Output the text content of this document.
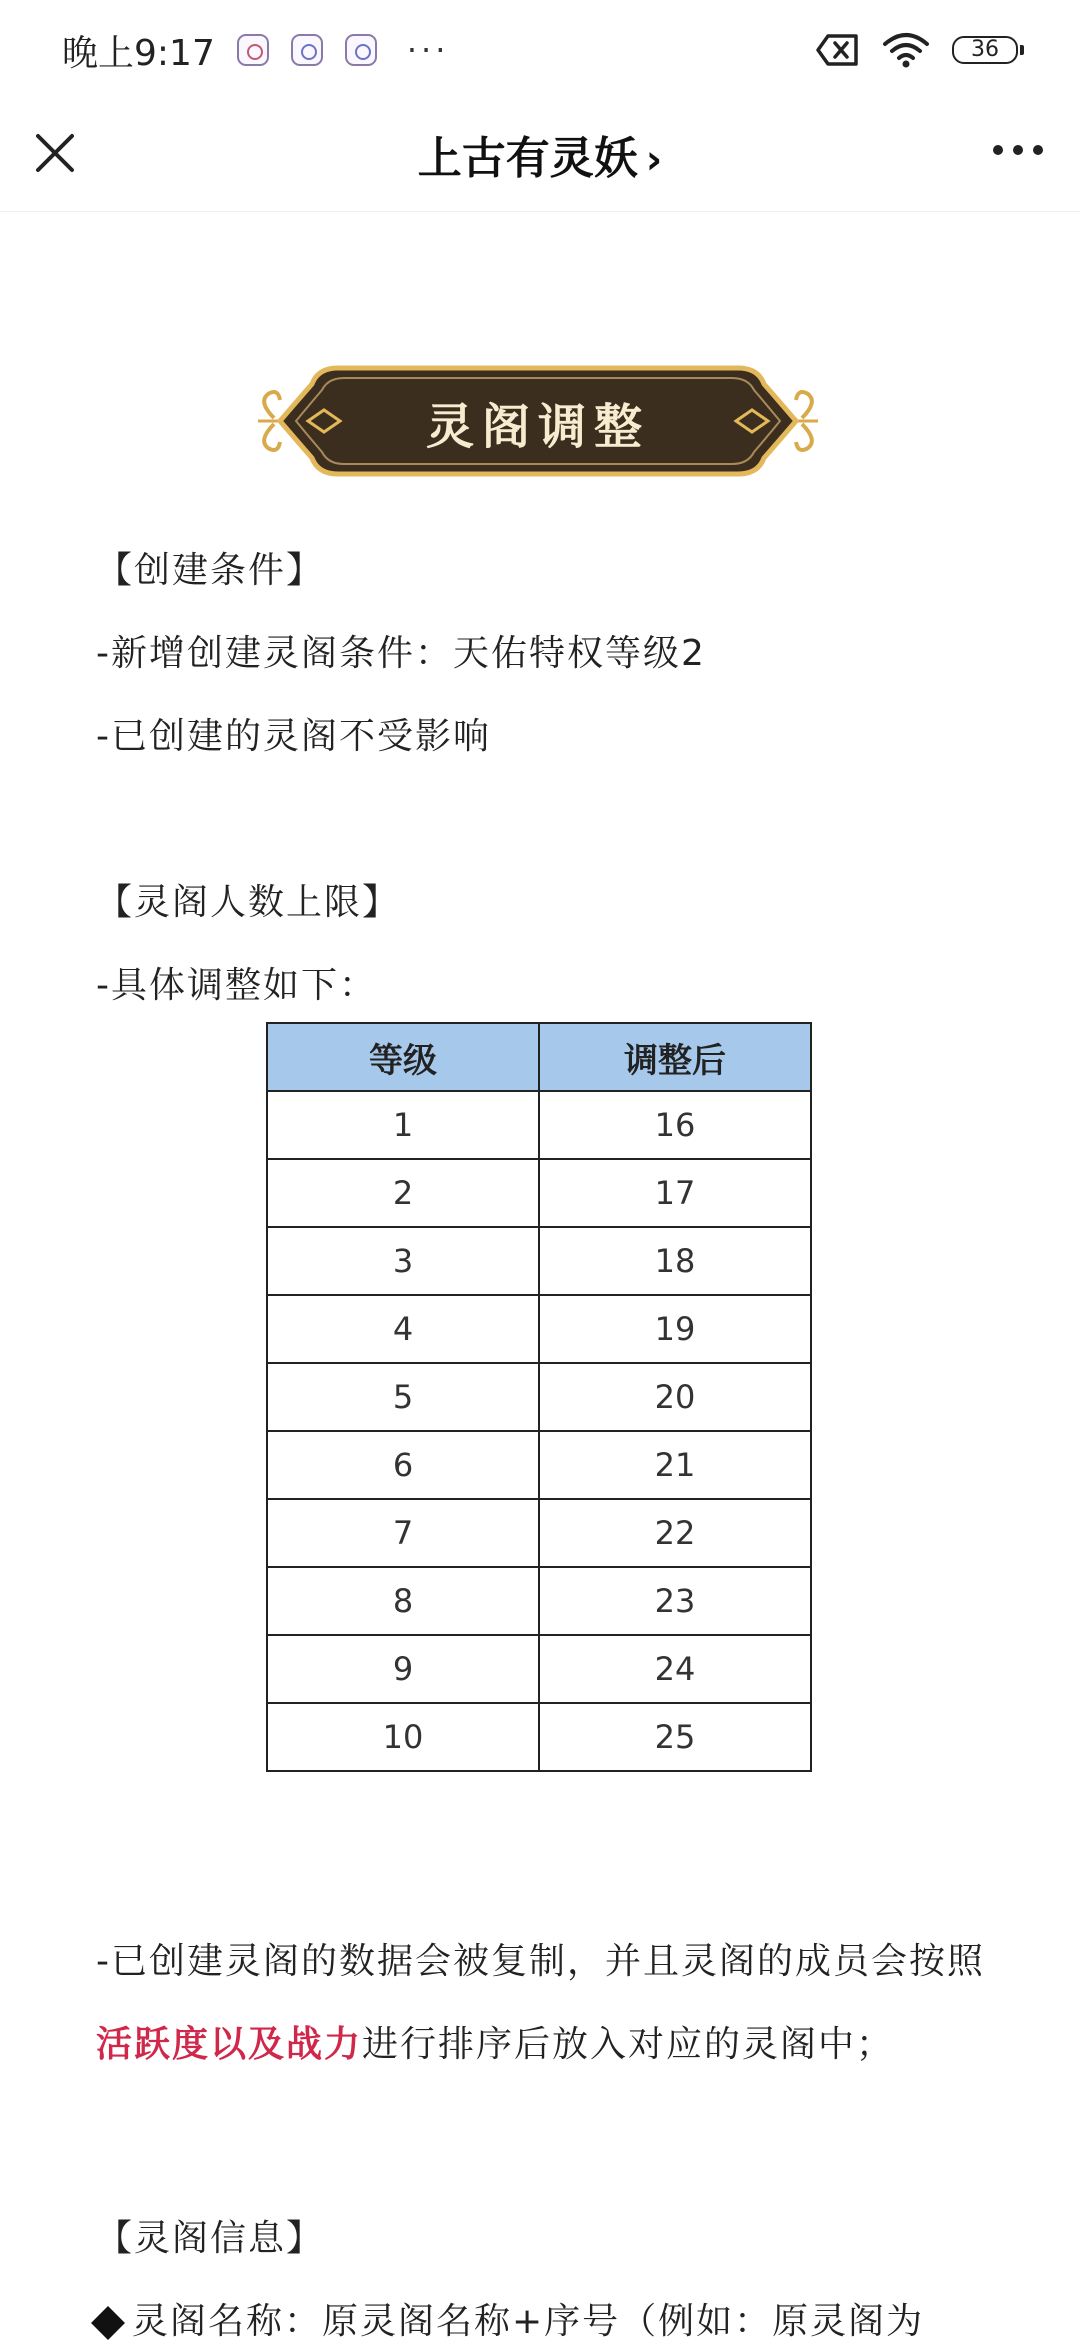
晚上9:17	···	36
上古有灵妖 ›
灵阁调整
【创建条件】
-新增创建灵阁条件：天佑特权等级2
-已创建的灵阁不受影响
【灵阁人数上限】
-具体调整如下：
等级	调整后
1	16
2	17
3	18
4	19
5	20
6	21
7	22
8	23
9	24
10	25
-已创建灵阁的数据会被复制，并且灵阁的成员会按照活跃度以及战力进行排序后放入对应的灵阁中；
【灵阁信息】
灵阁名称：原灵阁名称+序号（例如：原灵阁为
